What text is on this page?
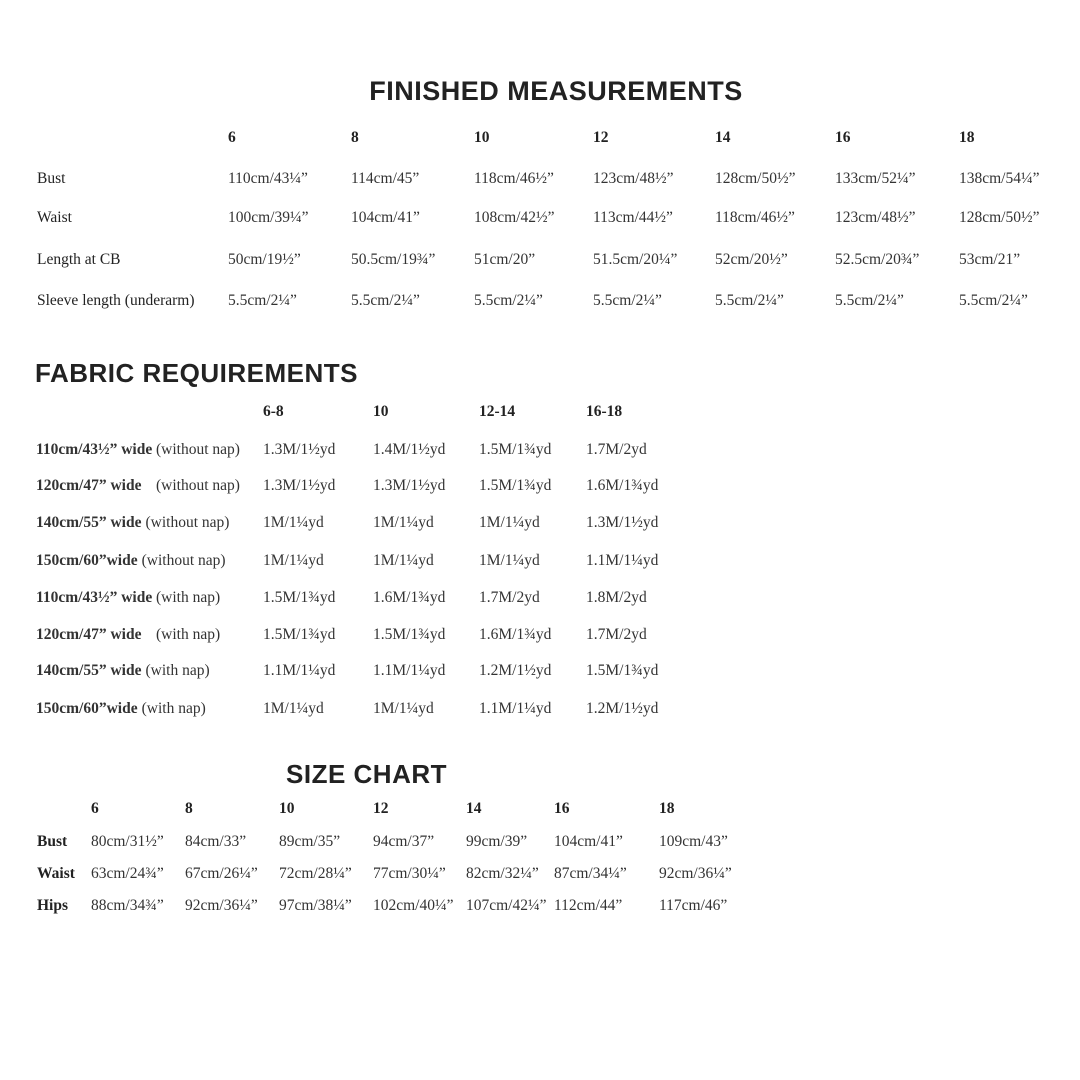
FINISHED MEASUREMENTS
6	8	10	12	14	16	18
Bust	110cm/43¼”	114cm/45”	118cm/46½”	123cm/48½”	128cm/50½”	133cm/52¼”	138cm/54¼”
Waist	100cm/39¼”	104cm/41”	108cm/42½” 113cm/44½”	118cm/46½”	123cm/48½”	128cm/50½”
Length at CB	50cm/19½”	50.5cm/19¾” 51cm/20”	51.5cm/20¼” 52cm/20½”	52.5cm/20¾”	53cm/21”
Sleeve length (underarm) 5.5cm/2¼”	5.5cm/2¼”	5.5cm/2¼”	5.5cm/2¼”	5.5cm/2¼”	5.5cm/2¼”	5.5cm/2¼”
FABRIC REQUIREMENTS
6-8	10	12-14	16-18
110cm/43½” wide (without nap) 1.3M/1½yd 1.4M/1½yd 1.5M/1¾yd 1.7M/2yd
120cm/47” wide (without nap) 1.3M/1½yd 1.3M/1½yd 1.5M/1¾yd 1.6M/1¾yd
140cm/55” wide (without nap) 1M/1¼yd	1M/1¼yd	1M/1¼yd	1.3M/1½yd
150cm/60”wide (without nap) 1M/1¼yd	1M/1¼yd	1M/1¼yd	1.1M/1¼yd
110cm/43½” wide (with nap)	1.5M/1¾yd 1.6M/1¾yd 1.7M/2yd	1.8M/2yd
120cm/47” wide (with nap)	1.5M/1¾yd 1.5M/1¾yd 1.6M/1¾yd 1.7M/2yd
140cm/55” wide (with nap)	1.1M/1¼yd 1.1M/1¼yd 1.2M/1½yd 1.5M/1¾yd
150cm/60”wide (with nap)	1M/1¼yd	1M/1¼yd	1.1M/1¼yd 1.2M/1½yd
SIZE CHART
6	8	10	12	14	16	18
Bust 80cm/31½” 84cm/33” 89cm/35” 94cm/37” 99cm/39” 104cm/41” 109cm/43”
Waist 63cm/24¾” 67cm/26¼” 72cm/28¼” 77cm/30¼” 82cm/32¼” 87cm/34¼” 92cm/36¼”
Hips 88cm/34¾” 92cm/36¼” 97cm/38¼” 102cm/40¼” 107cm/42¼” 112cm/44” 117cm/46”
